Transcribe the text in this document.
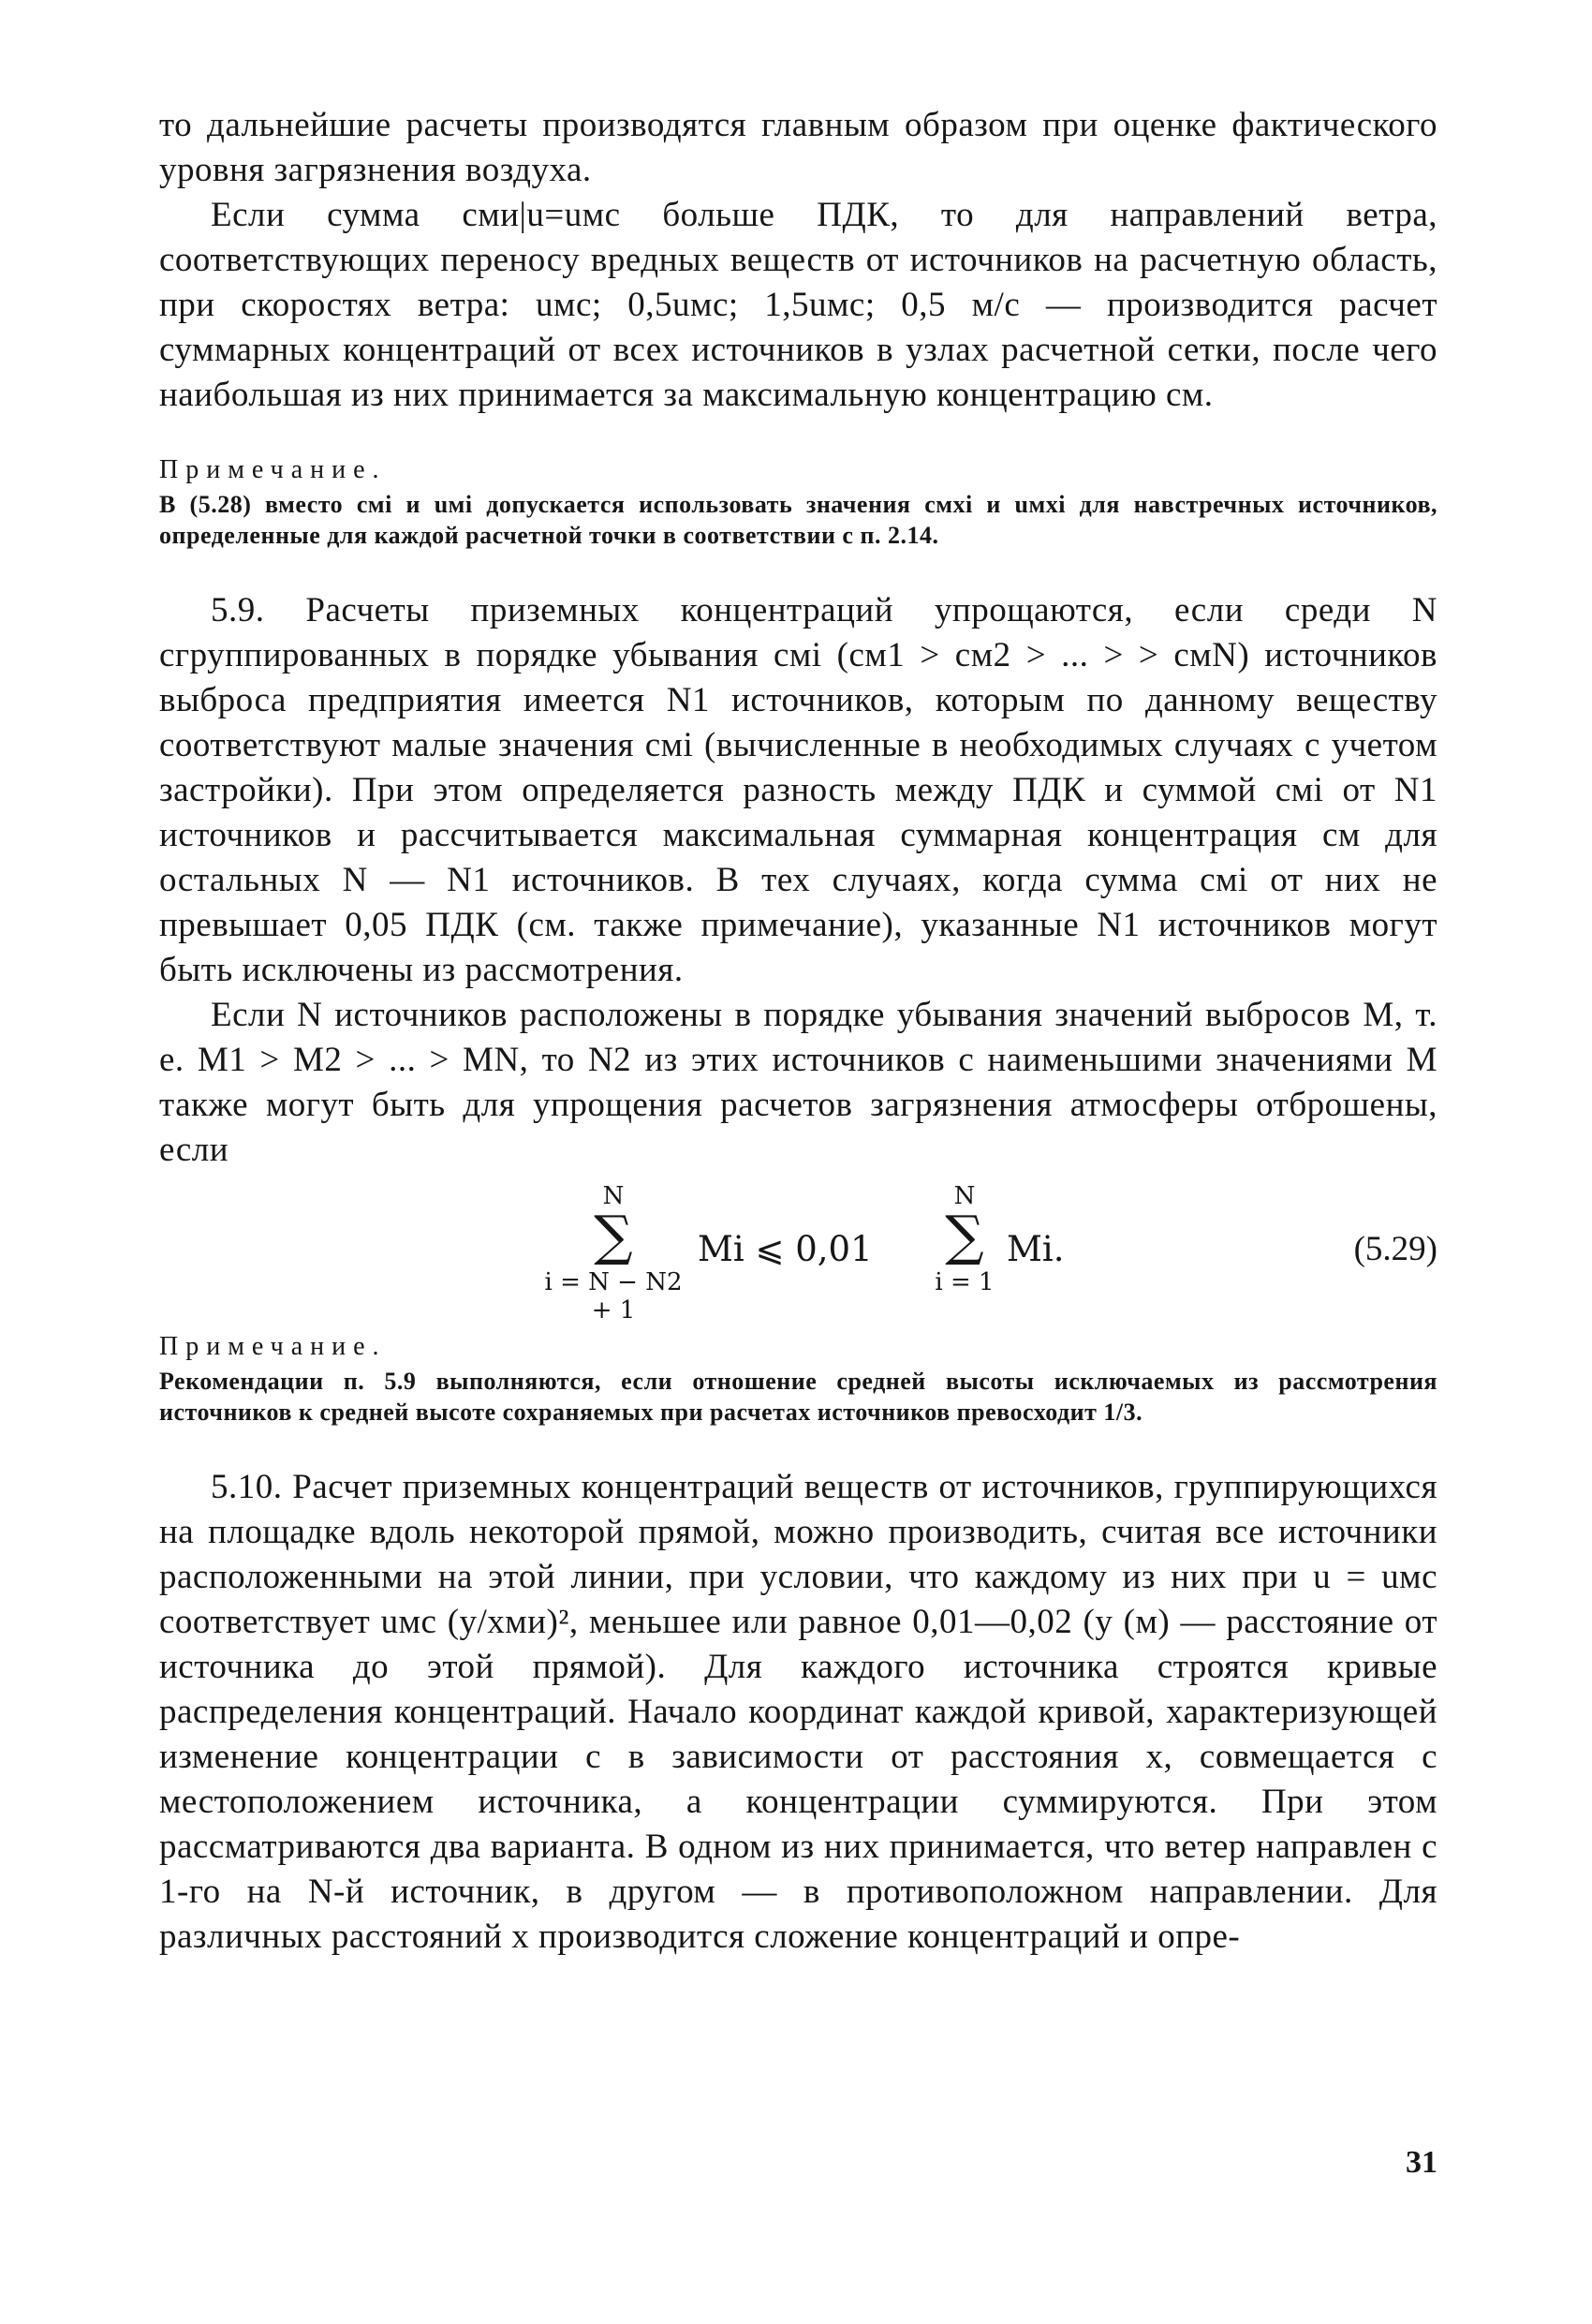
то дальнейшие расчеты производятся главным образом при оценке фактического уровня загрязнения воздуха.

Если сумма cми|u=uмс больше ПДК, то для направлений ветра, соответствующих переносу вредных веществ от источников на расчетную область, при скоростях ветра: uмс; 0,5uмс; 1,5uмс; 0,5 м/с — производится расчет суммарных концентраций от всех источников в узлах расчетной сетки, после чего наибольшая из них принимается за максимальную концентрацию cм.

Примечание.

В (5.28) вместо cмi и uмi допускается использовать значения cмхi и uмхi для навстречных источников, определенные для каждой расчетной точки в соответствии с п. 2.14.

5.9. Расчеты приземных концентраций упрощаются, если среди N сгруппированных в порядке убывания cмi (cм1 > cм2 > ... > > cмN) источников выброса предприятия имеется N1 источников, которым по данному веществу соответствуют малые значения cмi (вычисленные в необходимых случаях с учетом застройки). При этом определяется разность между ПДК и суммой cмi от N1 источников и рассчитывается максимальная суммарная концентрация cм для остальных N — N1 источников. В тех случаях, когда сумма cмi от них не превышает 0,05 ПДК (см. также примечание), указанные N1 источников могут быть исключены из рассмотрения.

Если N источников расположены в порядке убывания значений выбросов M, т. е. M1 > M2 > ... > MN, то N2 из этих источников с наименьшими значениями M также могут быть для упрощения расчетов загрязнения атмосферы отброшены, если

N
∑
i = N − N2 + 1
Mi ⩽ 0,01
N
∑
i = 1
Mi.	(5.29)
Примечание.

Рекомендации п. 5.9 выполняются, если отношение средней высоты исключаемых из рассмотрения источников к средней высоте сохраняемых при расчетах источников превосходит 1/3.

5.10. Расчет приземных концентраций веществ от источников, группирующихся на площадке вдоль некоторой прямой, можно производить, считая все источники расположенными на этой линии, при условии, что каждому из них при u = uмс соответствует uмс (y/xми)², меньшее или равное 0,01—0,02 (y (м) — расстояние от источника до этой прямой). Для каждого источника строятся кривые распределения концентраций. Начало координат каждой кривой, характеризующей изменение концентрации c в зависимости от расстояния x, совмещается с местоположением источника, а концентрации суммируются. При этом рассматриваются два варианта. В одном из них принимается, что ветер направлен с 1-го на N-й источник, в другом — в противоположном направлении. Для различных расстояний x производится сложение концентраций и опре-

31
